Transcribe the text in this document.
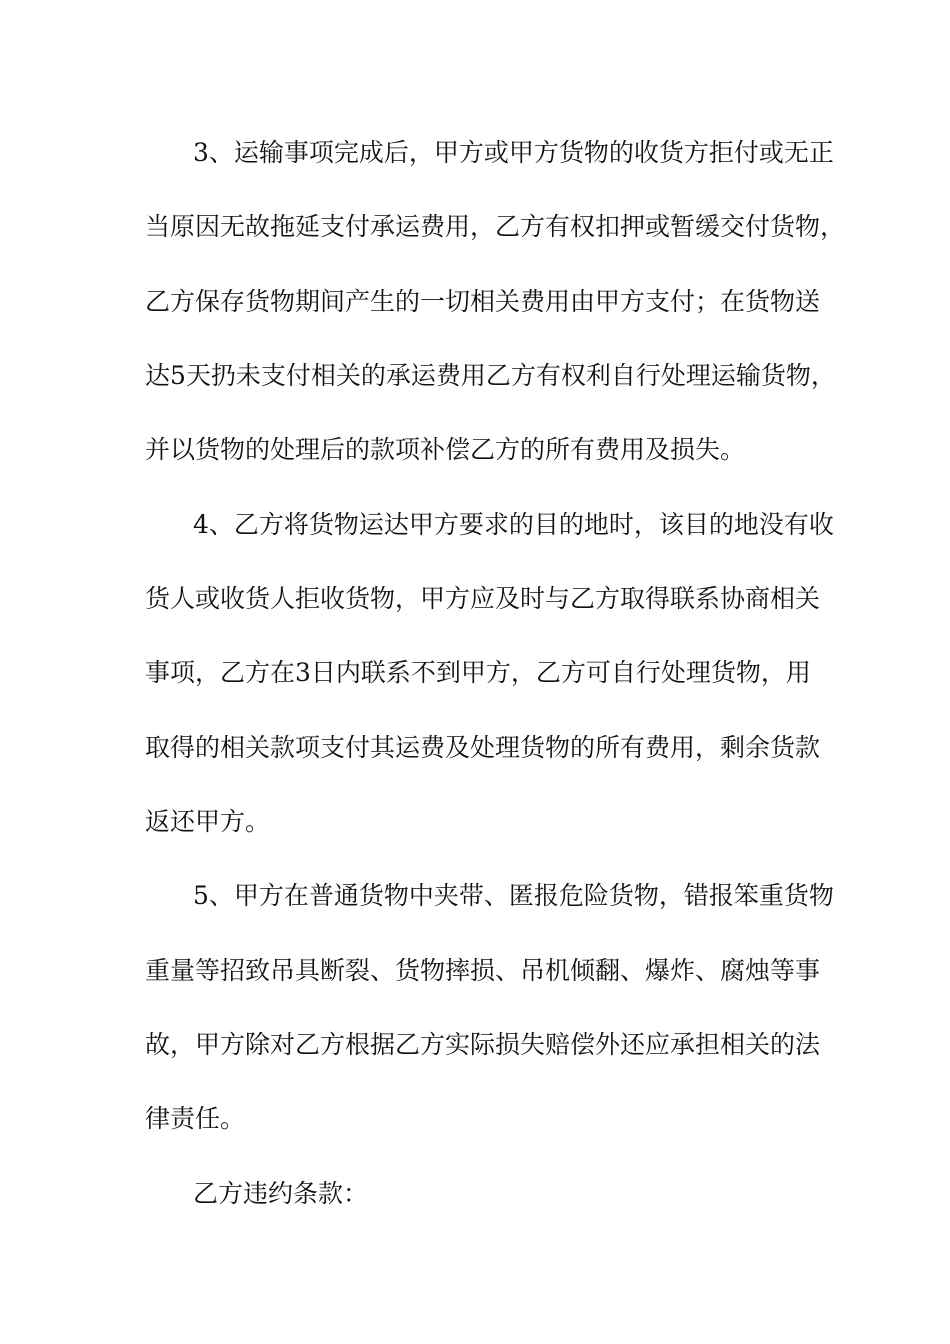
3、运输事项完成后，甲方或甲方货物的收货方拒付或无正
当原因无故拖延支付承运费用，乙方有权扣押或暂缓交付货物，
乙方保存货物期间产生的一切相关费用由甲方支付；在货物送
达5天扔未支付相关的承运费用乙方有权利自行处理运输货物，
并以货物的处理后的款项补偿乙方的所有费用及损失。
4、乙方将货物运达甲方要求的目的地时，该目的地没有收
货人或收货人拒收货物，甲方应及时与乙方取得联系协商相关
事项，乙方在3日内联系不到甲方，乙方可自行处理货物，用
取得的相关款项支付其运费及处理货物的所有费用，剩余货款
返还甲方。
5、甲方在普通货物中夹带、匿报危险货物，错报笨重货物
重量等招致吊具断裂、货物摔损、吊机倾翻、爆炸、腐烛等事
故，甲方除对乙方根据乙方实际损失赔偿外还应承担相关的法
律责任。
乙方违约条款：
